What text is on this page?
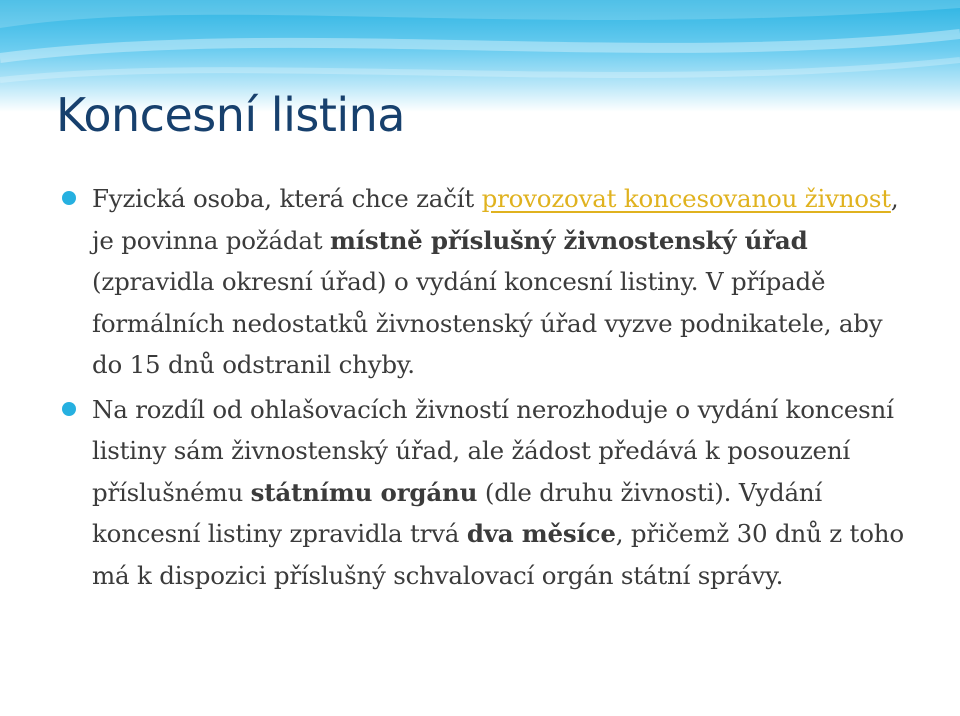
Koncesní listina
Fyzická osoba, která chce začít provozovat koncesovanou živnost, je povinna požádat místně příslušný živnostenský úřad (zpravidla okresní úřad) o vydání koncesní listiny. V případě formálních nedostatků živnostenský úřad vyzve podnikatele, aby do 15 dnů odstranil chyby.
Na rozdíl od ohlašovacích živností nerozhoduje o vydání koncesní listiny sám živnostenský úřad, ale žádost předává k posouzení příslušnému státnímu orgánu (dle druhu živnosti). Vydání koncesní listiny zpravidla trvá dva měsíce, přičemž 30 dnů z toho má k dispozici příslušný schvalovací orgán státní správy.
